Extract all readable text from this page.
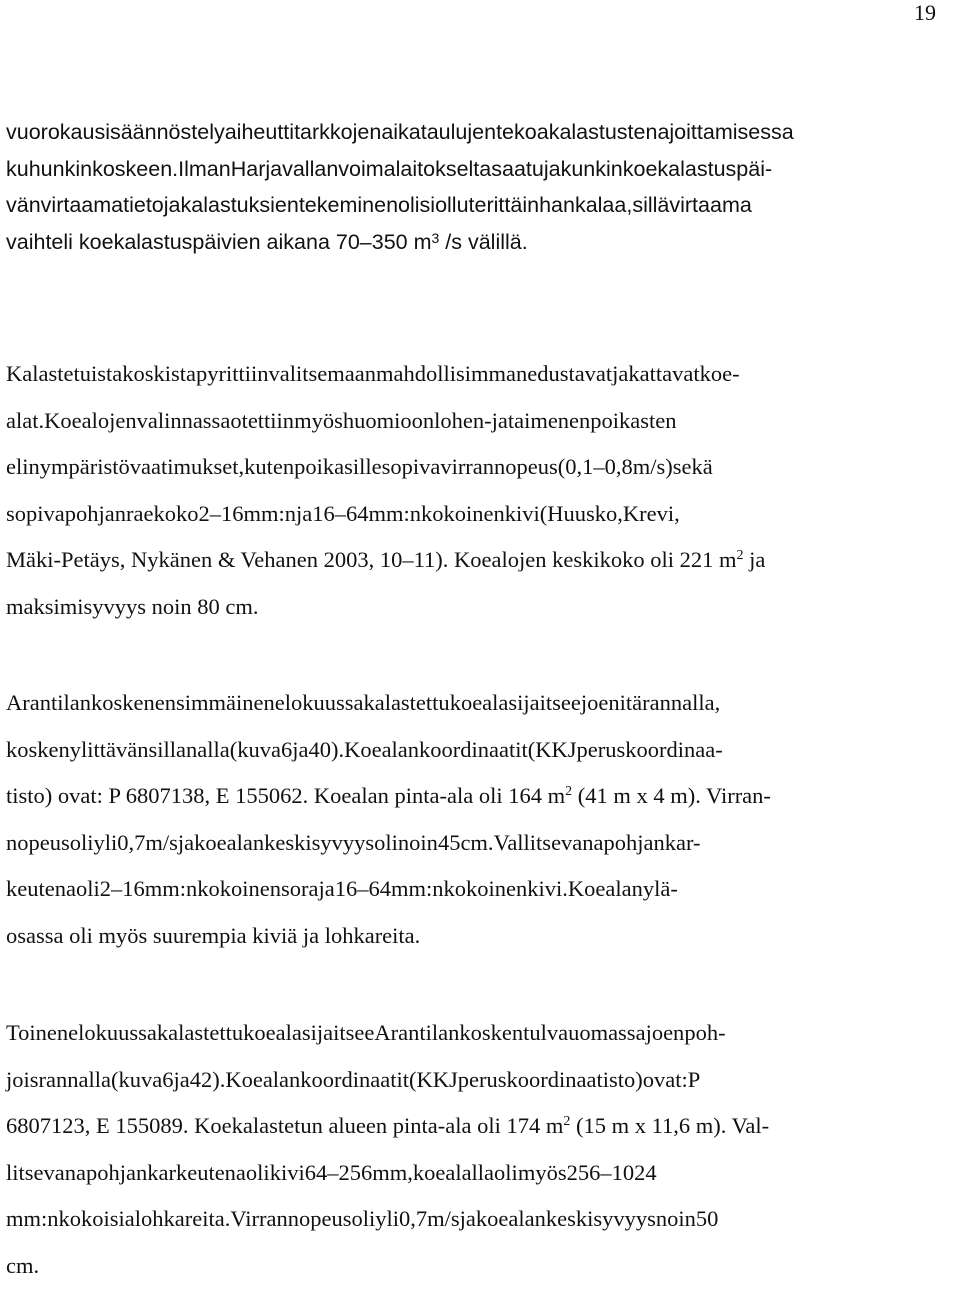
19
vuorokausisäännöstelyaiheuttitarkkojenaikataulujentekoakalastustenajoittamisessa
kuhunkinkoskeen.IlmanHarjavallanvoimalaitokseltasaatujakunkinkoekalastuspäi-
vänvirtaamatietojakalastuksientekeminenolisiolluterittäinhankalaa,sillävirtaama
vaihteli koekalastuspäivien aikana 70–350 $m^3$ /s välillä.
Kalastetuistakoskistapyrittiinvalitsemaanmahdollisimmanedustavatjakattavatkoe-
alat.Koealojenvalinnassaotettiinmyöshuomioonlohen-jataimenenpoikasten
elinympäristövaatimukset,kutenpoikasillesopivavirrannopeus(0,1–0,8m/s)sekä
sopivapohjanraekoko2–16mm:nja16–64mm:nkokoinenkivi(Huusko,Krevi,
Mäki-Petäys, Nykänen & Vehanen 2003, 10–11). Koealojen keskikoko oli 221 $m^2$ ja
maksimisyvyys noin 80 cm.
Arantilankoskenensimmäinenelokuussakalastettukoealasijaitseejoenitärannalla,
koskenylittävänsillanalla(kuva6ja40).Koealankoordinaatit(KKJperuskoordinaa-
tisto) ovat: P 6807138, E 155062. Koealan pinta-ala oli 164 $m^2$ (41 m x 4 m). Virran-
nopeusoliyli0,7m/sjakoealankeskisyvyysolinoin45cm.Vallitsevanapohjankar-
keutenaoli2–16mm:nkokoinensoraja16–64mm:nkokoinenkivi.Koealanylä-
osassa oli myös suurempia kiviä ja lohkareita.
ToinenelokuussakalastettukoealasijaitseeArantilankoskentulvauomassajoenpoh-
joisrannalla(kuva6ja42).Koealankoordinaatit(KKJperuskoordinaatisto)ovat:P
6807123, E 155089. Koekalastetun alueen pinta-ala oli 174 $m^2$ (15 m x 11,6 m). Val-
litsevanapohjankarkeutenaolikivi64–256mm,koealallaolimyös256–1024
mm:nkokoisialohkareita.Virrannopeusoliyli0,7m/sjakoealankeskisyvyysnoin50
cm.
